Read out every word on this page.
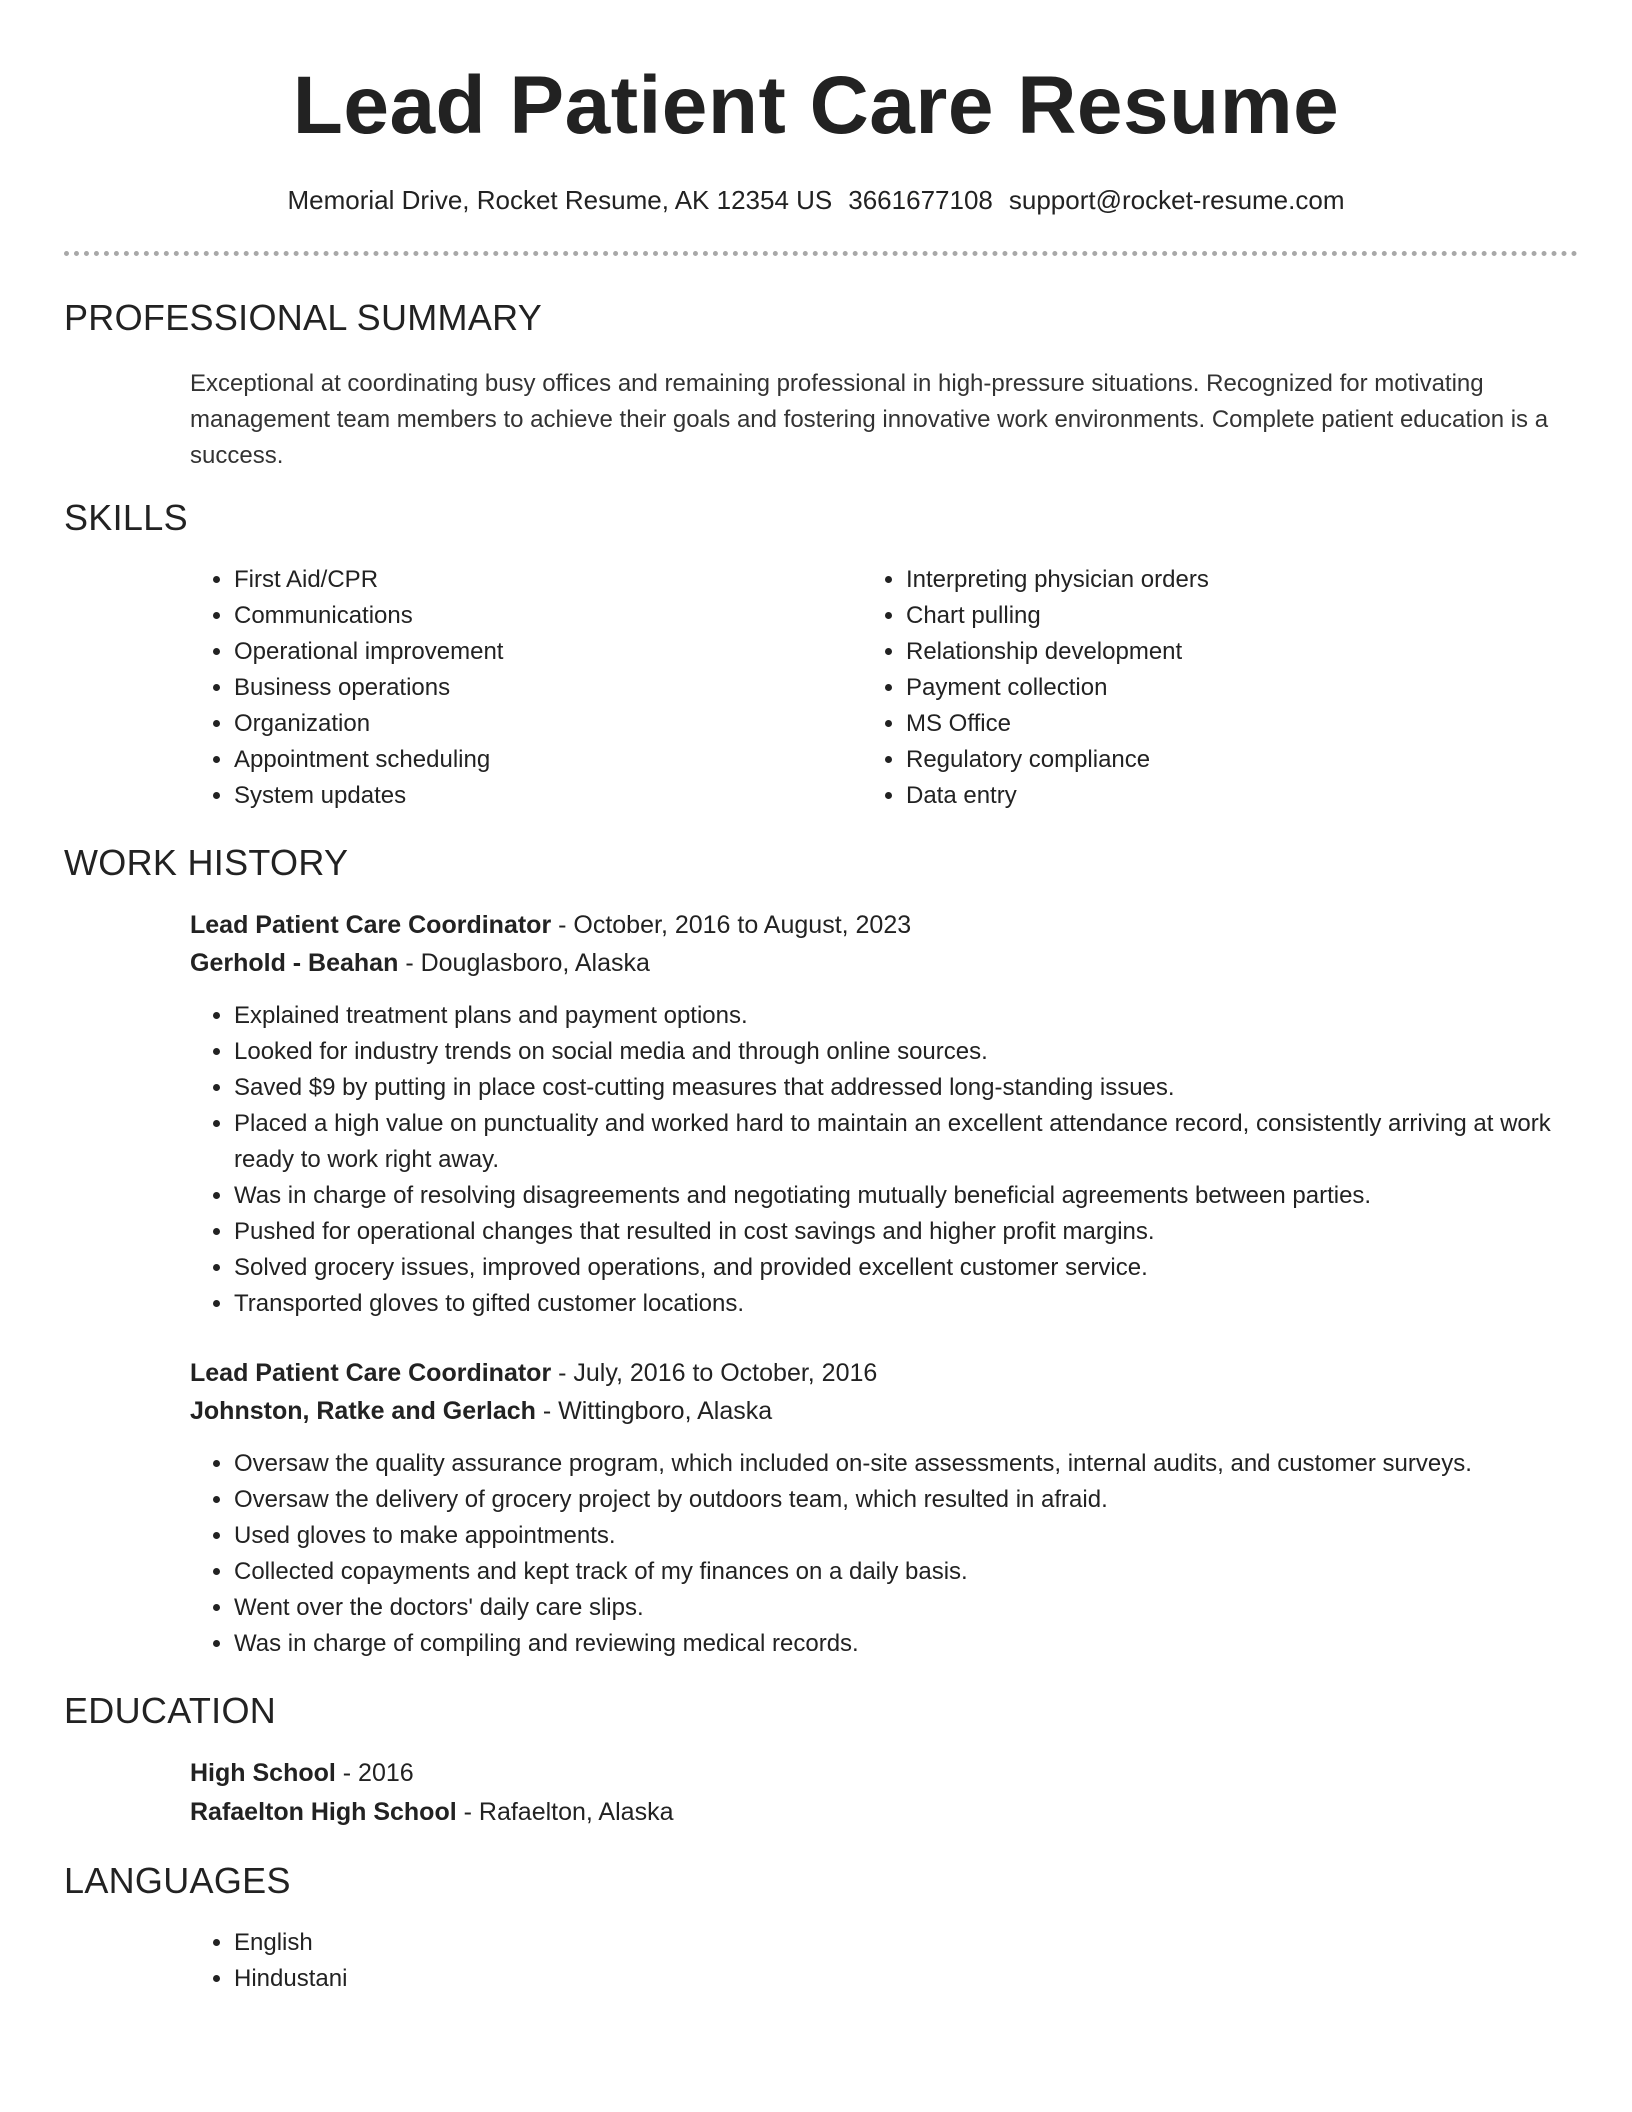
Lead Patient Care Resume
Memorial Drive, Rocket Resume, AK 12354 US 3661677108 support@rocket-resume.com
PROFESSIONAL SUMMARY

Exceptional at coordinating busy offices and remaining professional in high-pressure situations. Recognized for motivating management team members to achieve their goals and fostering innovative work environments. Complete patient education is a success.

SKILLS
• First Aid/CPR
• Communications
• Operational improvement
• Business operations
• Organization
• Appointment scheduling
• System updates
• Interpreting physician orders
• Chart pulling
• Relationship development
• Payment collection
• MS Office
• Regulatory compliance
• Data entry
WORK HISTORY
Lead Patient Care Coordinator - October, 2016 to August, 2023
Gerhold - Beahan - Douglasboro, Alaska
• Explained treatment plans and payment options.
• Looked for industry trends on social media and through online sources.
• Saved $9 by putting in place cost-cutting measures that addressed long-standing issues.
• Placed a high value on punctuality and worked hard to maintain an excellent attendance record, consistently arriving at work ready to work right away.
• Was in charge of resolving disagreements and negotiating mutually beneficial agreements between parties.
• Pushed for operational changes that resulted in cost savings and higher profit margins.
• Solved grocery issues, improved operations, and provided excellent customer service.
• Transported gloves to gifted customer locations.
Lead Patient Care Coordinator - July, 2016 to October, 2016
Johnston, Ratke and Gerlach - Wittingboro, Alaska
• Oversaw the quality assurance program, which included on-site assessments, internal audits, and customer surveys.
• Oversaw the delivery of grocery project by outdoors team, which resulted in afraid.
• Used gloves to make appointments.
• Collected copayments and kept track of my finances on a daily basis.
• Went over the doctors' daily care slips.
• Was in charge of compiling and reviewing medical records.
EDUCATION
High School - 2016
Rafaelton High School - Rafaelton, Alaska
LANGUAGES
• English
• Hindustani
